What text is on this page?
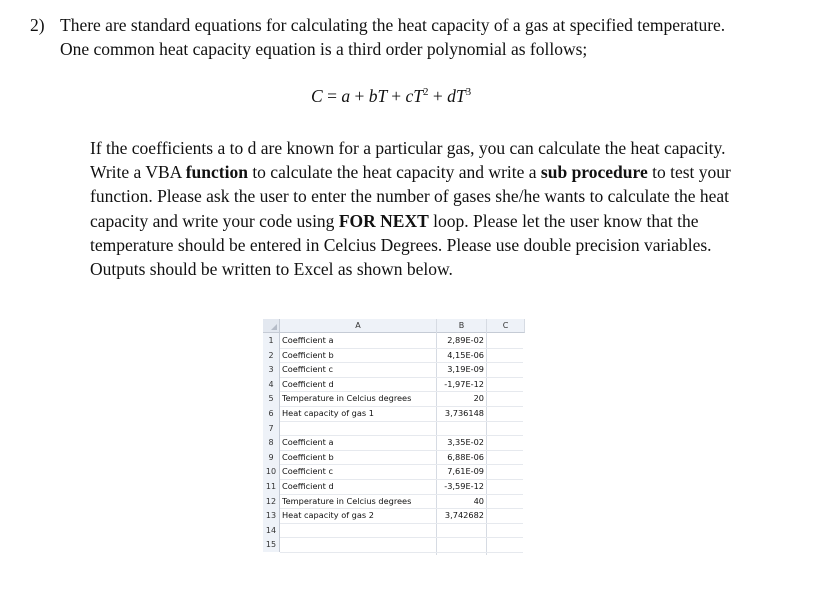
2) There are standard equations for calculating the heat capacity of a gas at specified temperature.
One common heat capacity equation is a third order polynomial as follows;
C = a + bT + $cT^2 + dT^3$
If the coefficients a to d are known for a particular gas, you can calculate the heat capacity.
Write a VBA function to calculate the heat capacity and write a sub procedure to test your
function. Please ask the user to enter the number of gases she/he wants to calculate the heat
capacity and write your code using FOR NEXT loop. Please let the user know that the
temperature should be entered in Celcius Degrees. Please use double precision variables.
Outputs should be written to Excel as shown below.
A	B	C
1	Coefficient a	2,89E-02
2	Coefficient b	4,15E-06
3	Coefficient c	3,19E-09
4	Coefficient d	-1,97E-12
5	Temperature in Celcius degrees	20
6	Heat capacity of gas 1	3,736148
7
8	Coefficient a	3,35E-02
9	Coefficient b	6,88E-06
10 Coefficient c	7,61E-09
11 Coefficient d	-3,59E-12
12 Temperature in Celcius degrees	40
13 Heat capacity of gas 2	3,742682
14
15
